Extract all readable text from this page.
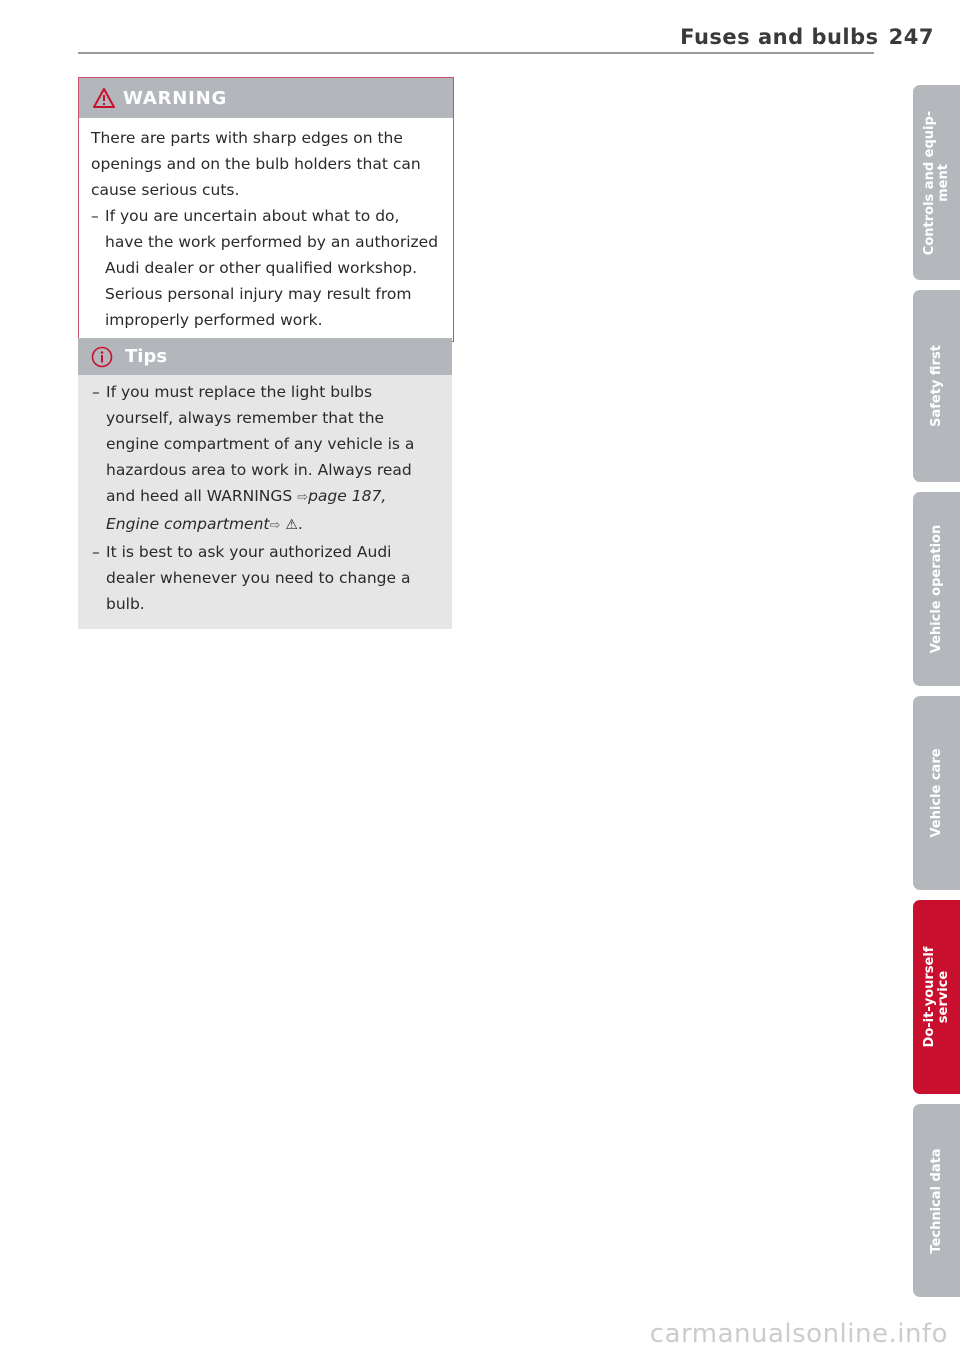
Fuses and bulbs 247
WARNING
There are parts with sharp edges on the openings and on the bulb holders that can cause serious cuts.
– If you are uncertain about what to do, have the work performed by an authorized Audi dealer or other qualified workshop. Serious personal injury may result from improperly performed work.
Tips
– If you must replace the light bulbs yourself, always remember that the engine compartment of any vehicle is a hazardous area to work in. Always read and heed all WARNINGS ⇨page 187, Engine compartment⇨ ⚠.
– It is best to ask your authorized Audi dealer whenever you need to change a bulb.
Controls and equip- ment
Safety first
Vehicle operation
Vehicle care
Do-it-yourself service
Technical data
carmanualsonline.info
